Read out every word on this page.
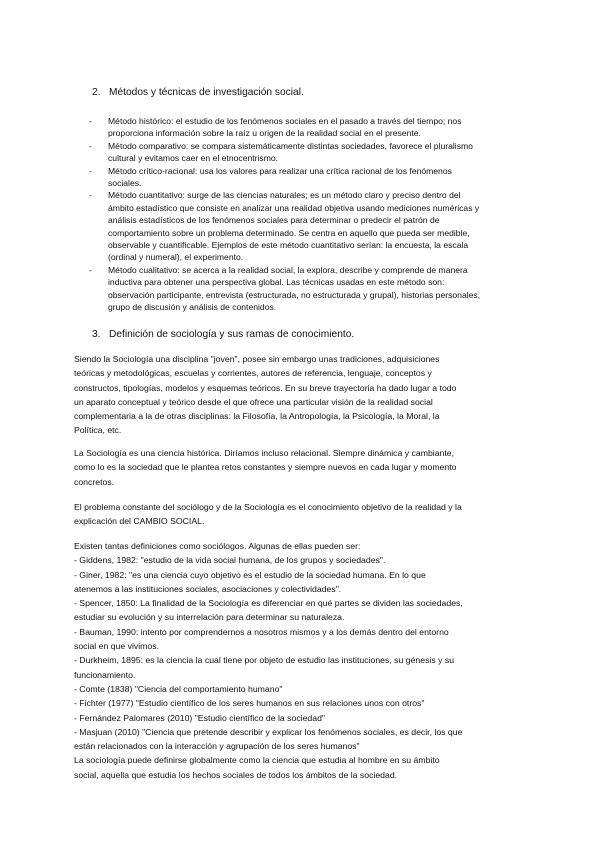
2. Métodos y técnicas de investigación social.
- Método histórico: el estudio de los fenómenos sociales en el pasado a través del tiempo; nos
proporciona información sobre la raíz u origen de la realidad social en el presente.
- Método comparativo: se compara sistemáticamente distintas sociedades, favorece el pluralismo
cultural y evitamos caer en el etnocentrismo.
- Método crítico-racional: usa los valores para realizar una crítica racional de los fenómenos
sociales.
- Método cuantitativo: surge de las ciencias naturales; es un método claro y preciso dentro del
ámbito estadístico que consiste en analizar una realidad objetiva usando mediciones numéricas y
análisis estadísticos de los fenómenos sociales para determinar o predecir el patrón de
comportamiento sobre un problema determinado. Se centra en aquello que pueda ser medible,
observable y cuantificable. Ejemplos de este método cuantitativo serían: la encuesta, la escala
(ordinal y numeral), el experimento.
- Método cualitativo: se acerca a la realidad social, la explora, describe y comprende de manera
inductiva para obtener una perspectiva global. Las técnicas usadas en este método son:
observación participante, entrevista (estructurada, no estructurada y grupal), historias personales,
grupo de discusión y análisis de contenidos.
3. Definición de sociología y sus ramas de conocimiento.
Siendo la Sociología una disciplina "joven", posee sin embargo unas tradiciones, adquisiciones
teóricas y metodológicas, escuelas y corrientes, autores de referencia, lenguaje, conceptos y
constructos, tipologías, modelos y esquemas teóricos. En su breve trayectoria ha dado lugar a todo
un aparato conceptual y teórico desde el que ofrece una particular visión de la realidad social
complementaria a la de otras disciplinas: la Filosofía, la Antropología, la Psicología, la Moral, la
Política, etc.
La Sociología es una ciencia histórica. Diríamos incluso relacional. Siempre dinámica y cambiante,
como lo es la sociedad que le plantea retos constantes y siempre nuevos en cada lugar y momento
concretos.
El problema constante del sociólogo y de la Sociología es el conocimiento objetivo de la realidad y la
explicación del CAMBIO SOCIAL.
Existen tantas definiciones como sociólogos. Algunas de ellas pueden ser:
- Giddens, 1982: "estudio de la vida social humana, de los grupos y sociedades".
- Giner, 1982: "es una ciencia cuyo objetivo es el estudio de la sociedad humana. En lo que
atenemos a las instituciones sociales, asociaciones y colectividades".
- Spencer, 1850: La finalidad de la Sociología es diferenciar en qué partes se dividen las sociedades,
estudiar su evolución y su interrelación para determinar su naturaleza.
- Bauman, 1990: intento por comprendernos a nosotros mismos y a los demás dentro del entorno
social en que vivimos.
- Durkheim, 1895: es la ciencia la cual tiene por objeto de estudio las instituciones, su génesis y su
funcionamiento.
- Comte (1838) "Ciencia del comportamiento humano"
- Fichter (1977) "Estudio científico de los seres humanos en sus relaciones unos con otros"
- Fernández Palomares (2010) "Estudio científico de la sociedad"
- Masjuan (2010) "Ciencia que pretende describir y explicar los fenómenos sociales, es decir, los que
están relacionados con la interacción y agrupación de los seres humanos"
La sociología puede definirse globalmente como la ciencia que estudia al hombre en su ámbito
social, aquella que estudia los hechos sociales de todos los ámbitos de la sociedad.
